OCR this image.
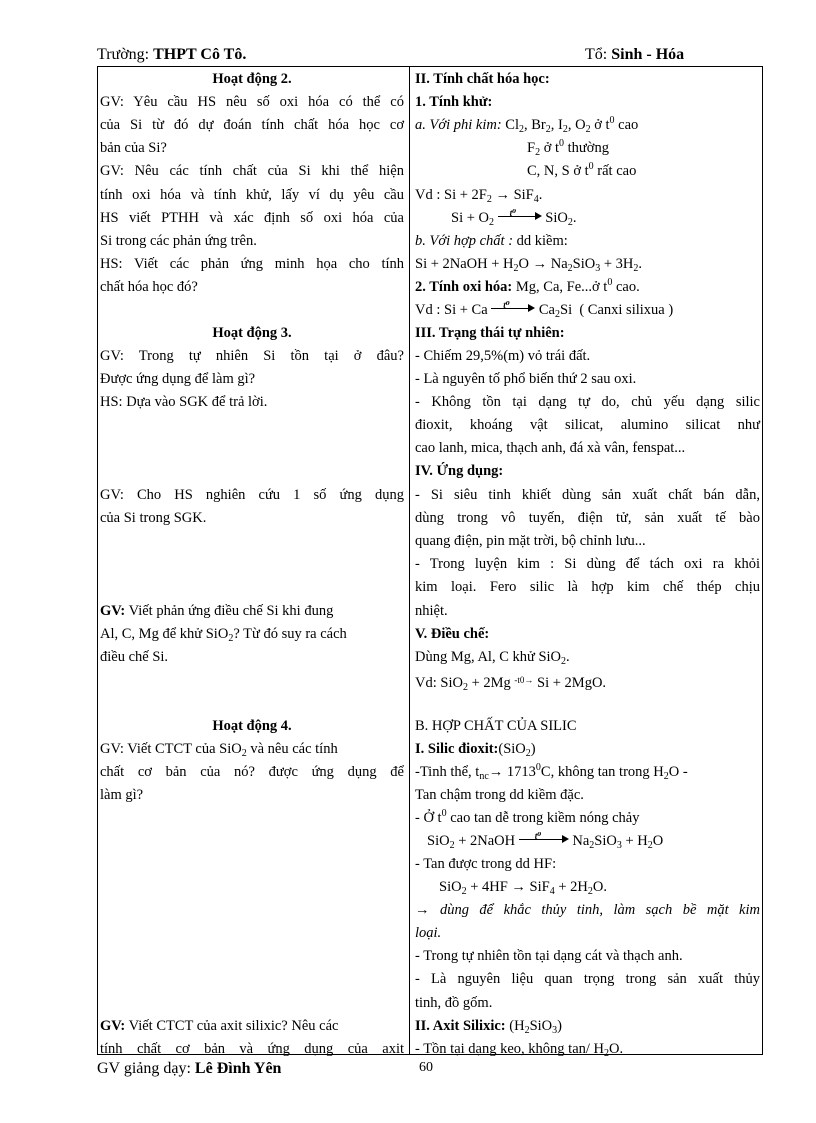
Trường: THPT Cô Tô.	Tổ: Sinh - Hóa
Hoạt động 2.
GV: Yêu cầu HS nêu số oxi hóa có thể có
của Si từ đó dự đoán tính chất hóa học cơ
bản của Si?
GV: Nêu các tính chất của Si khi thể hiện
tính oxi hóa và tính khử, lấy ví dụ yêu cầu
HS viết PTHH và xác định số oxi hóa của
Si trong các phản ứng trên.
HS: Viết các phản ứng minh họa cho tính
chất hóa học đó?
Hoạt động 3.
GV: Trong tự nhiên Si tồn tại ở đâu?
Được ứng dụng để làm gì?
HS: Dựa vào SGK để trả lời.
GV: Cho HS nghiên cứu 1 số ứng dụng
của Si trong SGK.
GV: Viết phản ứng điều chế Si khi đung
Al, C, Mg để khử SiO$_2$? Từ đó suy ra cách
điều chế Si.
Hoạt động 4.
GV: Viết CTCT của SiO$_2$ và nêu các tính
chất cơ bản của nó? được ứng dụng để
làm gì?
GV: Viết CTCT của axit silixic? Nêu các
tính chất cơ bản và ứng dụng của axit
II. Tính chất hóa học:
1. Tính khử:
a. Với phi kim: $Cl_2$, $Br_2$, $I_2$, $O_2$ ở $t^0$ cao
$F_2$ ở $t^0$ thường
C, N, S ở $t^0$ rất cao
Vd : $Si + 2F_2 \to SiF_4$.
$Si + O_2$
t⁰ SiO$_2$.
b. Với hợp chất : dd kiềm:
Si + 2NaOH + $H_2O \to Na_2SiO_3 + 3H_2$.
2. Tính oxi hóa: Mg, Ca, Fe...ở $t^0$ cao.
Vd : Si + Ca t⁰ $Ca_2Si$  ( Canxi silixua )
III. Trạng thái tự nhiên:
- Chiếm 29,5%(m) vỏ trái đất.
- Là nguyên tố phổ biến thứ 2 sau oxi.
- Không tồn tại dạng tự do, chủ yếu dạng silic
đioxit, khoáng vật silicat, alumino silicat như
cao lanh, mica, thạch anh, đá xà vân, fenspat...
IV. Ứng dụng:
- Si siêu tinh khiết dùng sản xuất chất bán dẫn,
dùng trong vô tuyến, điện tử, sản xuất tế bào
quang điện, pin mặt trời, bộ chỉnh lưu...
- Trong luyện kim : Si dùng để tách oxi ra khỏi
kim loại. Fero silic là hợp kim chế thép chịu
nhiệt.
V. Điều chế:
Dùng Mg, Al, C khử SiO$_2$.
Vd: SiO$_2$ + 2Mg $^{-t0\to}$ Si + 2MgO.
B. HỢP CHẤT CỦA SILIC
I. Silic đioxit:(SiO$_2$)
-Tinh thể, $t_{nc}\to 1713^0C$, không tan trong $H_2O$ -
Tan chậm trong dd kiềm đặc.
- Ở $t^0$ cao tan dễ trong kiềm nóng chảy
SiO$_2$ + 2NaOH t⁰ $Na_2SiO_3 + H_2O$
- Tan được trong dd HF:
$SiO_2 + 4HF \to SiF_4 + 2H_2O$.
→ dùng để khắc thủy tinh, làm sạch bề mặt kim
loại.
- Trong tự nhiên tồn tại dạng cát và thạch anh.
- Là nguyên liệu quan trọng trong sản xuất thủy
tinh, đồ gốm.
II. Axit Silixic: $(H_2SiO_3)$
- Tồn tại dạng keo, không tan/ $H_2O$.
GV giảng dạy: Lê Đình Yên	60
